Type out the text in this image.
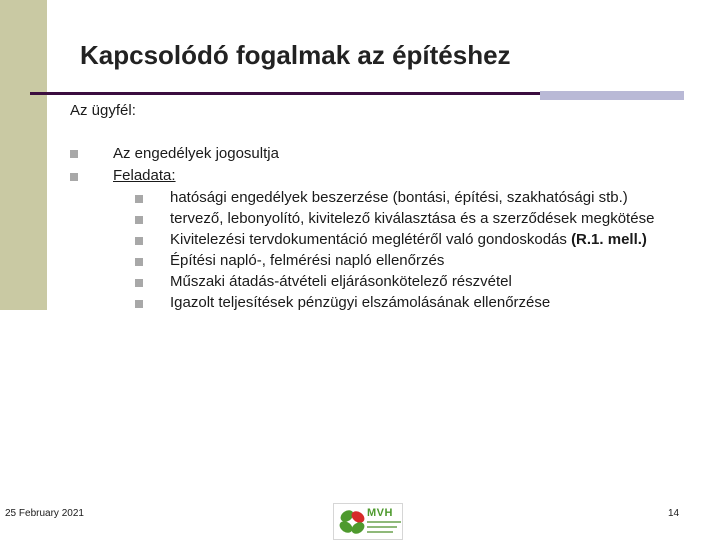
Kapcsolódó fogalmak az építéshez
Az ügyfél:
Az engedélyek jogosultja
Feladata:
hatósági engedélyek beszerzése (bontási, építési, szakhatósági stb.)
tervező, lebonyolító, kivitelező kiválasztása és a szerződések megkötése
Kivitelezési tervdokumentáció meglétéről való gondoskodás (R.1. mell.)
Építési napló-, felmérési napló ellenőrzés
Műszaki átadás-átvételi eljárásonkötelező részvétel
Igazolt teljesítések pénzügyi elszámolásának ellenőrzése
25 February 2021	MVH	14
